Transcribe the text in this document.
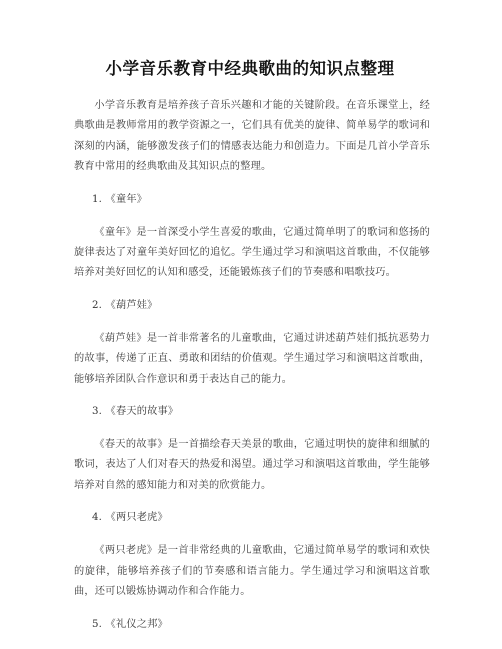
小学音乐教育中经典歌曲的知识点整理

小学音乐教育是培养孩子音乐兴趣和才能的关键阶段。在音乐课堂上，经典歌曲是教师常用的教学资源之一，它们具有优美的旋律、简单易学的歌词和深刻的内涵，能够激发孩子们的情感表达能力和创造力。下面是几首小学音乐教育中常用的经典歌曲及其知识点的整理。

1. 《童年》

《童年》是一首深受小学生喜爱的歌曲，它通过简单明了的歌词和悠扬的旋律表达了对童年美好回忆的追忆。学生通过学习和演唱这首歌曲，不仅能够培养对美好回忆的认知和感受，还能锻炼孩子们的节奏感和唱歌技巧。

2. 《葫芦娃》

《葫芦娃》是一首非常著名的儿童歌曲，它通过讲述葫芦娃们抵抗恶势力的故事，传递了正直、勇敢和团结的价值观。学生通过学习和演唱这首歌曲，能够培养团队合作意识和勇于表达自己的能力。

3. 《春天的故事》

《春天的故事》是一首描绘春天美景的歌曲，它通过明快的旋律和细腻的歌词，表达了人们对春天的热爱和渴望。通过学习和演唱这首歌曲，学生能够培养对自然的感知能力和对美的欣赏能力。

4. 《两只老虎》

《两只老虎》是一首非常经典的儿童歌曲，它通过简单易学的歌词和欢快的旋律，能够培养孩子们的节奏感和语言能力。学生通过学习和演唱这首歌曲，还可以锻炼协调动作和合作能力。

5. 《礼仪之邦》
